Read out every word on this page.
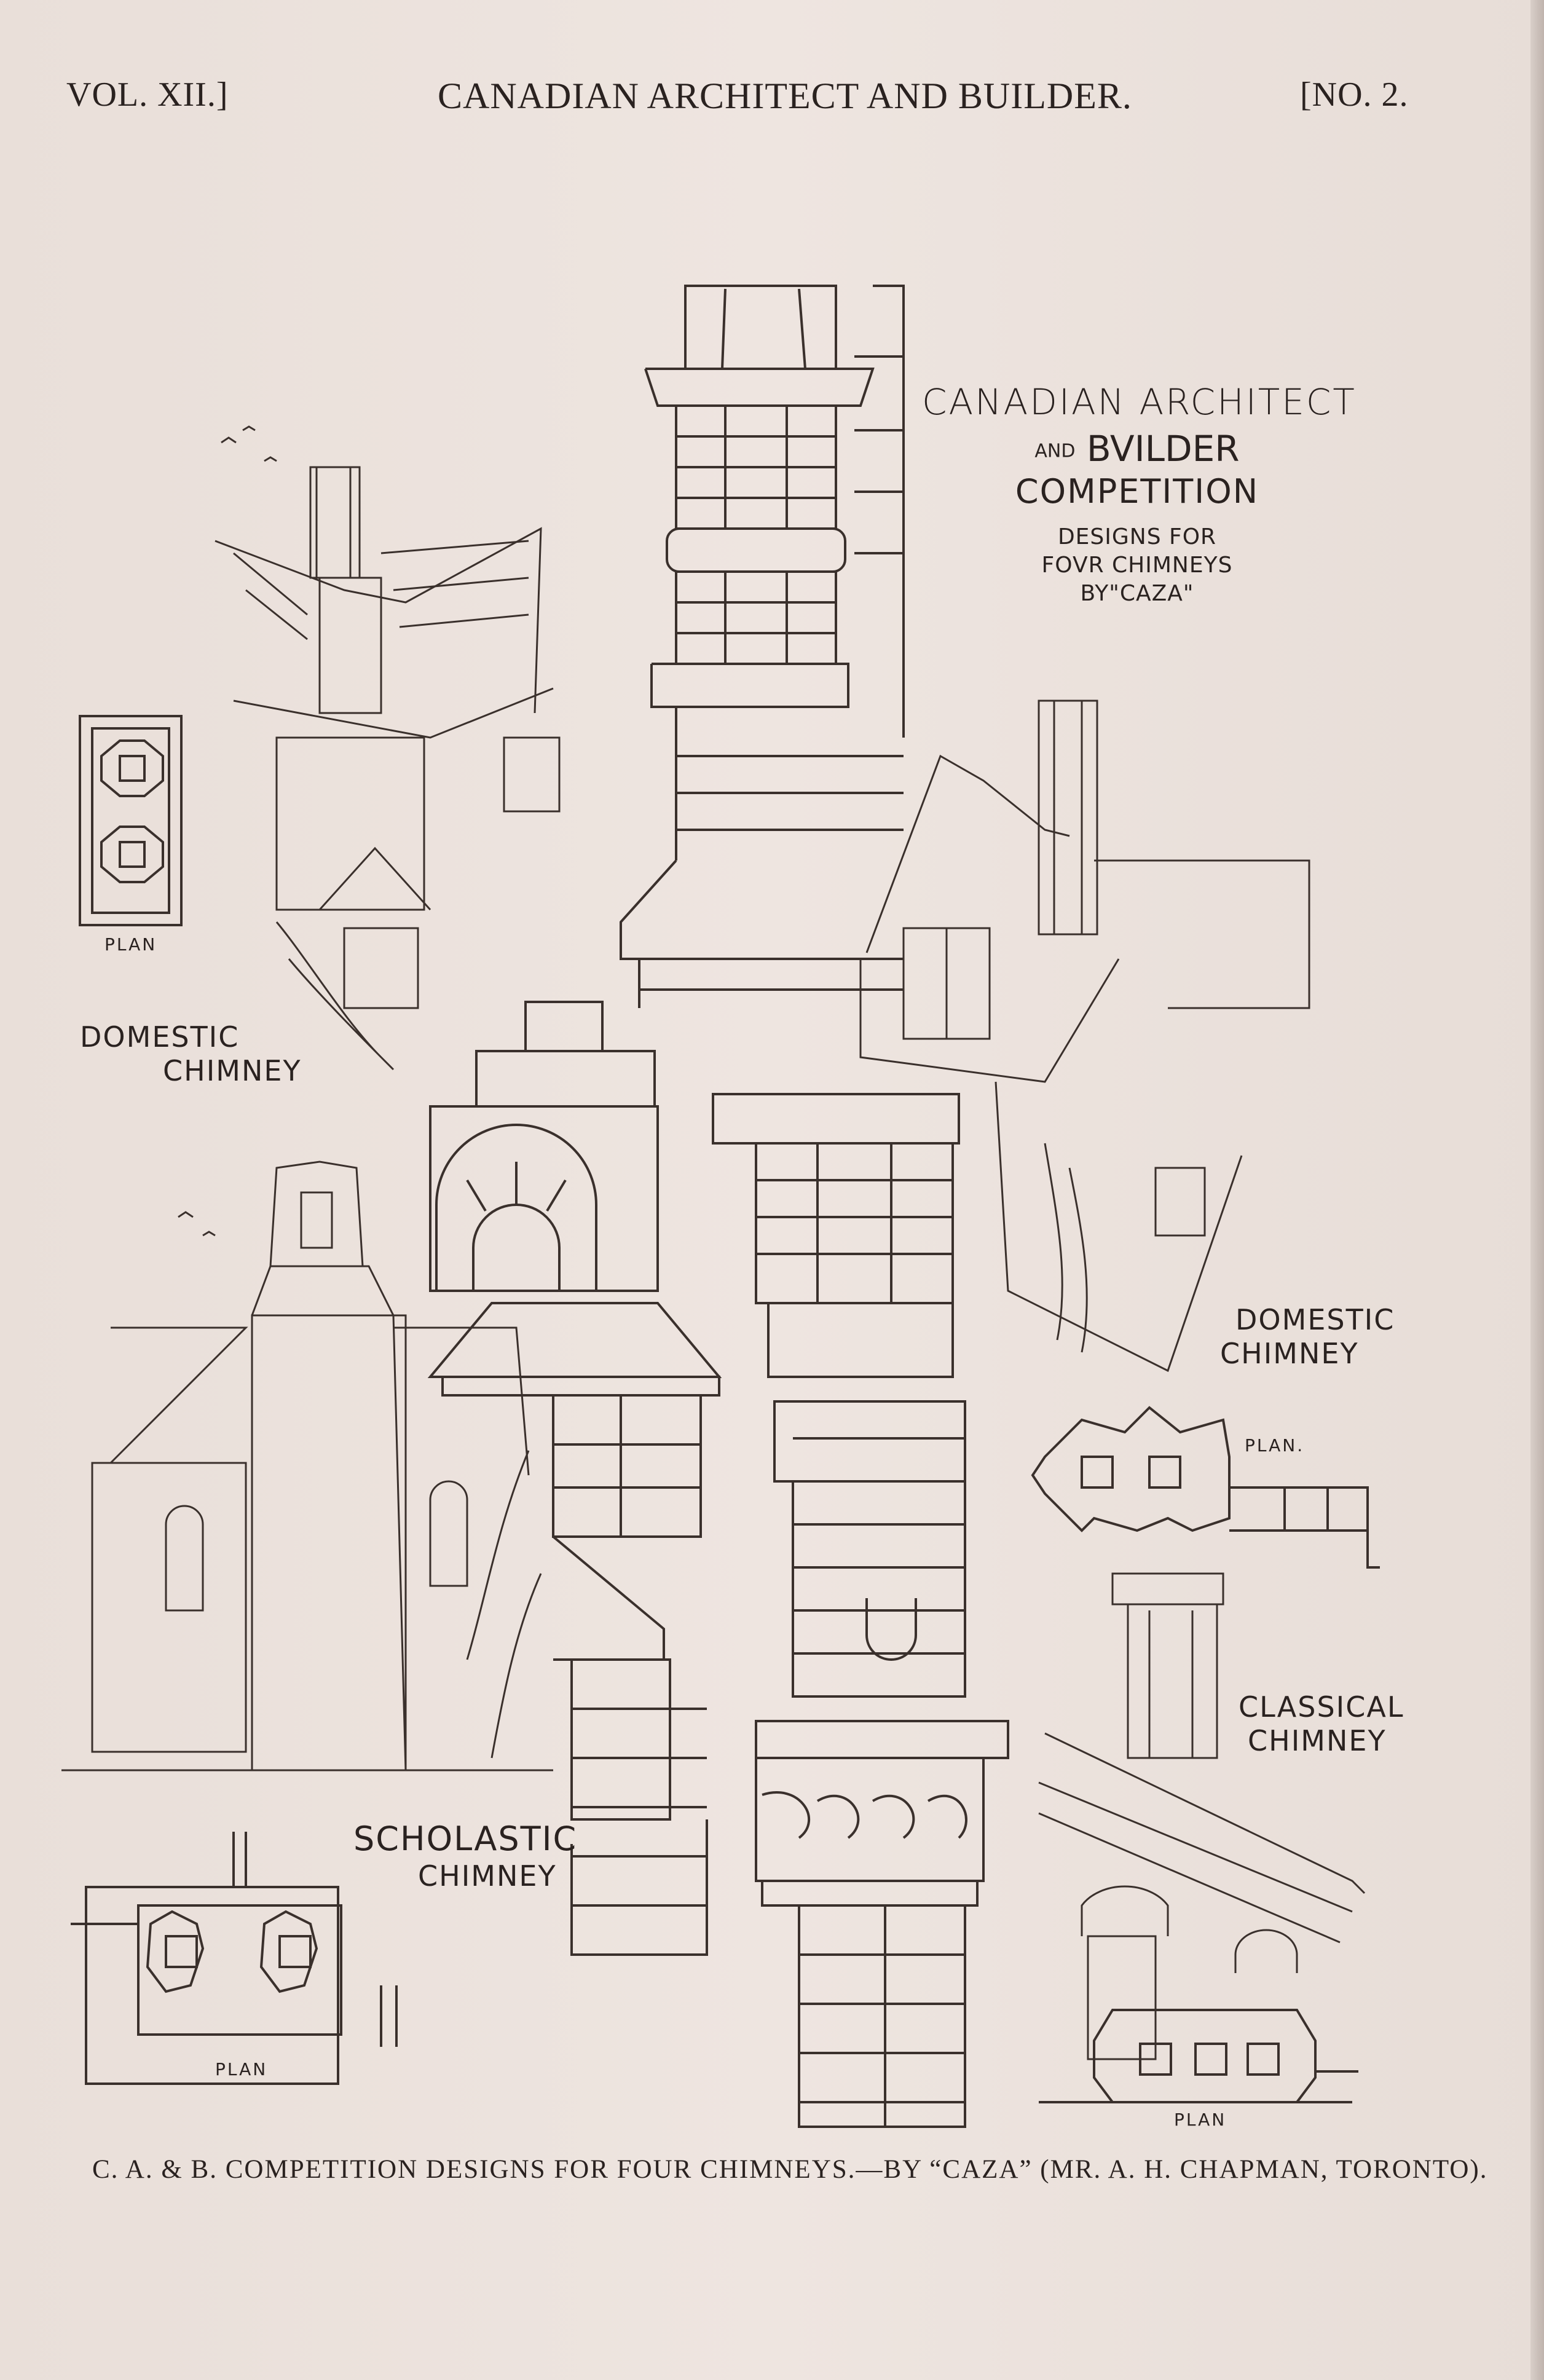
VOL. XII.]	CANADIAN ARCHITECT AND BUILDER.	[NO. 2.
CANADIAN ARCHITECT
AND BVILDER
COMPETITION
DESIGNS FOR
FOVR CHIMNEYS
BY"CAZA"
PLAN
DOMESTIC
CHIMNEY
DOMESTIC
CHIMNEY
PLAN.
CLASSICAL
CHIMNEY
SCHOLASTIC
CHIMNEY
PLAN
PLAN
C. A. & B. COMPETITION DESIGNS FOR FOUR CHIMNEYS.—BY “CAZA” (MR. A. H. CHAPMAN, TORONTO).
